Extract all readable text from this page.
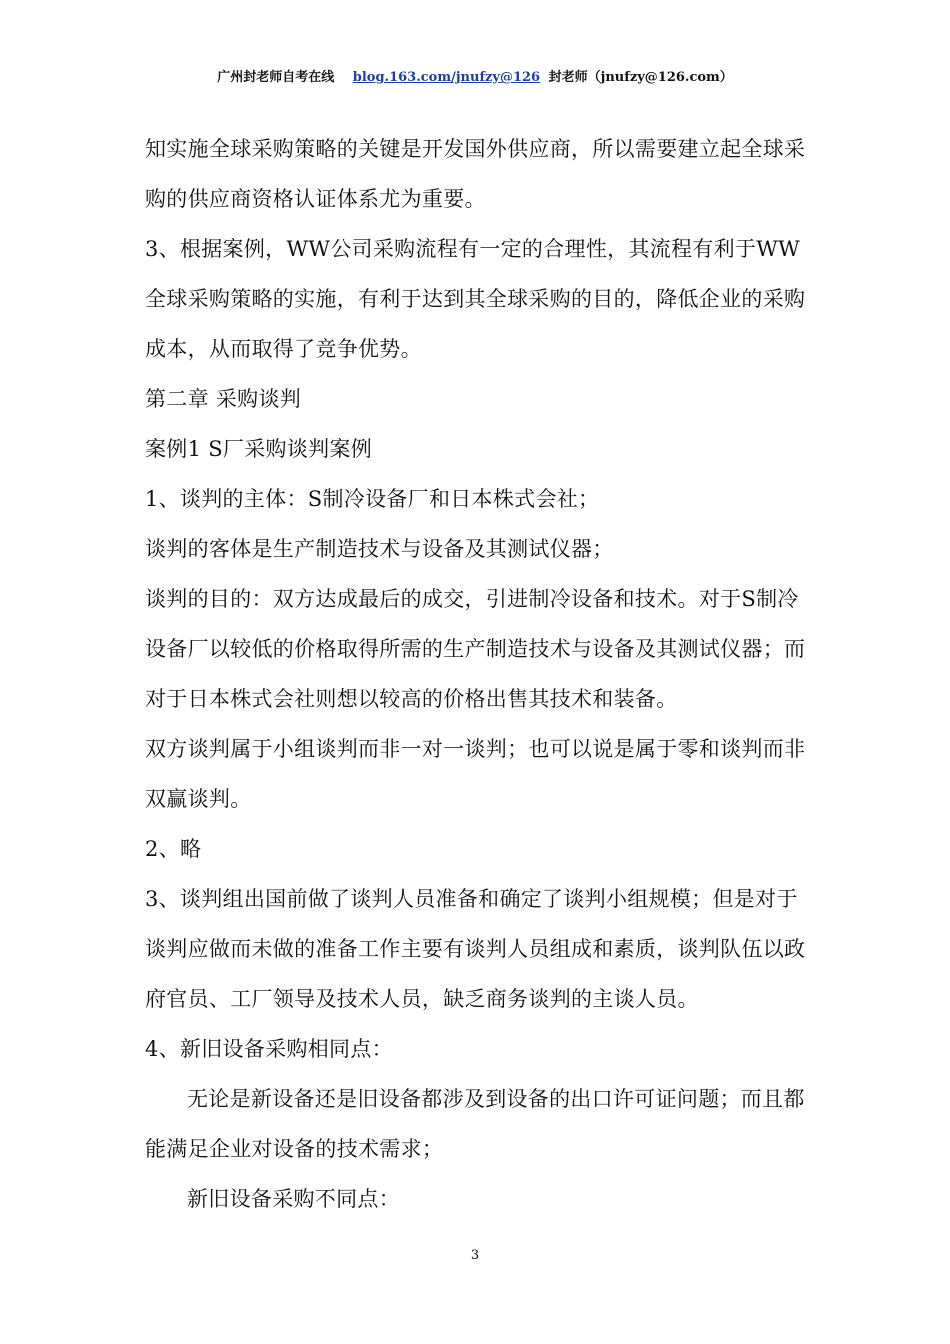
广州封老师自考在线 blog.163.com/jnufzy@126 封老师（jnufzy@126.com）

知实施全球采购策略的关键是开发国外供应商，所以需要建立起全球采购的供应商资格认证体系尤为重要。

3、根据案例，WW公司采购流程有一定的合理性，其流程有利于WW全球采购策略的实施，有利于达到其全球采购的目的，降低企业的采购成本，从而取得了竞争优势。

第二章 采购谈判

案例1 S厂采购谈判案例

1、谈判的主体：S制冷设备厂和日本株式会社；

谈判的客体是生产制造技术与设备及其测试仪器；

谈判的目的：双方达成最后的成交，引进制冷设备和技术。对于S制冷设备厂以较低的价格取得所需的生产制造技术与设备及其测试仪器；而对于日本株式会社则想以较高的价格出售其技术和装备。

双方谈判属于小组谈判而非一对一谈判；也可以说是属于零和谈判而非双赢谈判。

2、略

3、谈判组出国前做了谈判人员准备和确定了谈判小组规模；但是对于谈判应做而未做的准备工作主要有谈判人员组成和素质，谈判队伍以政府官员、工厂领导及技术人员，缺乏商务谈判的主谈人员。

4、新旧设备采购相同点：

无论是新设备还是旧设备都涉及到设备的出口许可证问题；而且都能满足企业对设备的技术需求；

新旧设备采购不同点：

3
